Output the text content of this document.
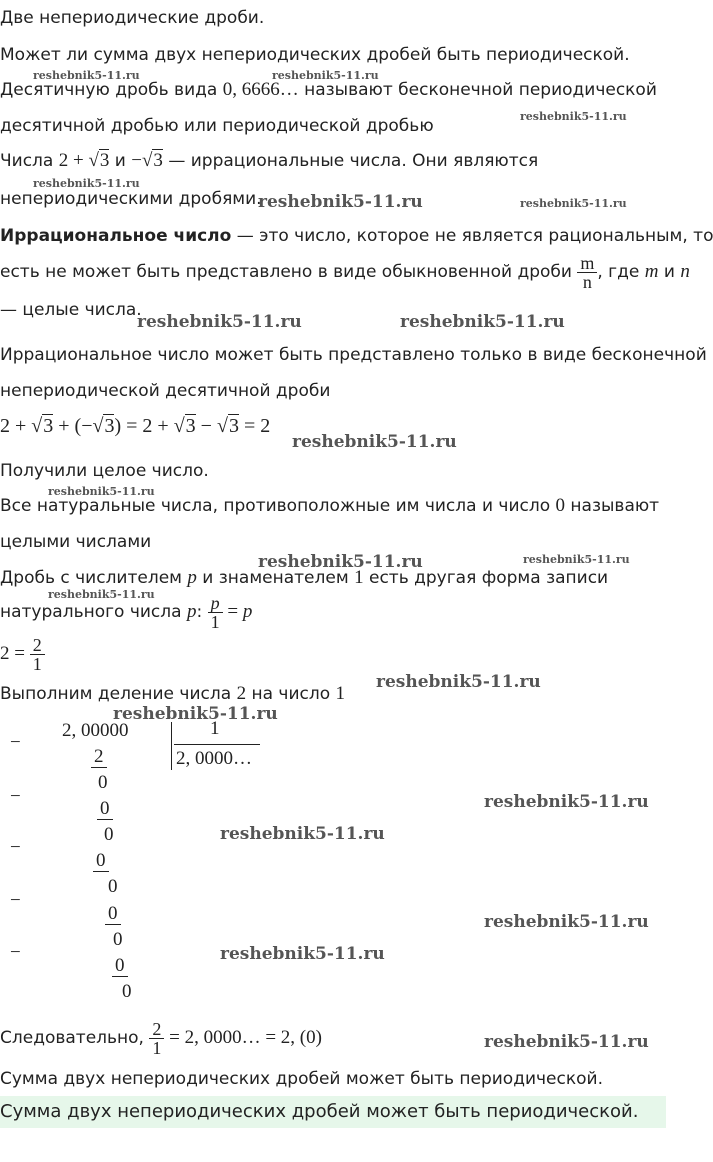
Две непериодические дроби.
Может ли сумма двух непериодических дробей быть периодической.
Десятичную дробь вида 0, 6666… называют бесконечной периодической
десятичной дробью или периодической дробью
Числа 2 + √3 и −√3 — иррациональные числа. Они являются
непериодическими дробями.
Иррациональное число — это число, которое не является рациональным, то
есть не может быть представлено в виде обыкновенной дроби $\frac{m}{n}$ , где m и n
— целые числа.
Иррациональное число может быть представлено только в виде бесконечной
непериодической десятичной дроби
2 + √3 + (−√3) = 2 + √3 − √3 = 2
Получили целое число.
Все натуральные числа, противоположные им числа и число 0 называют
целыми числами
Дробь с числителем p и знаменателем 1 есть другая форма записи
натурального числа p: $\frac{p}{1} = p$
$2 = \frac{2}{1}$
Выполним деление числа 2 на число 1
2, 00000	1
2, 0000…
−
2
0
−
0
0
−
0
0
−
0
0
−
0
0
Следовательно, $\frac{2}{1} = 2$, 0000… = 2, (0)
Сумма двух непериодических дробей может быть периодической.
Сумма двух непериодических дробей может быть периодической.
reshebnik5-11.ru	reshebnik5-11.ru
reshebnik5-11.ru
reshebnik5-11.ru
reshebnik5-11.ru	reshebnik5-11.ru
reshebnik5-11.ru	reshebnik5-11.ru
reshebnik5-11.ru
reshebnik5-11.ru
reshebnik5-11.ru	reshebnik5-11.ru
reshebnik5-11.ru
reshebnik5-11.ru
reshebnik5-11.ru
reshebnik5-11.ru
reshebnik5-11.ru
reshebnik5-11.ru
reshebnik5-11.ru
reshebnik5-11.ru
